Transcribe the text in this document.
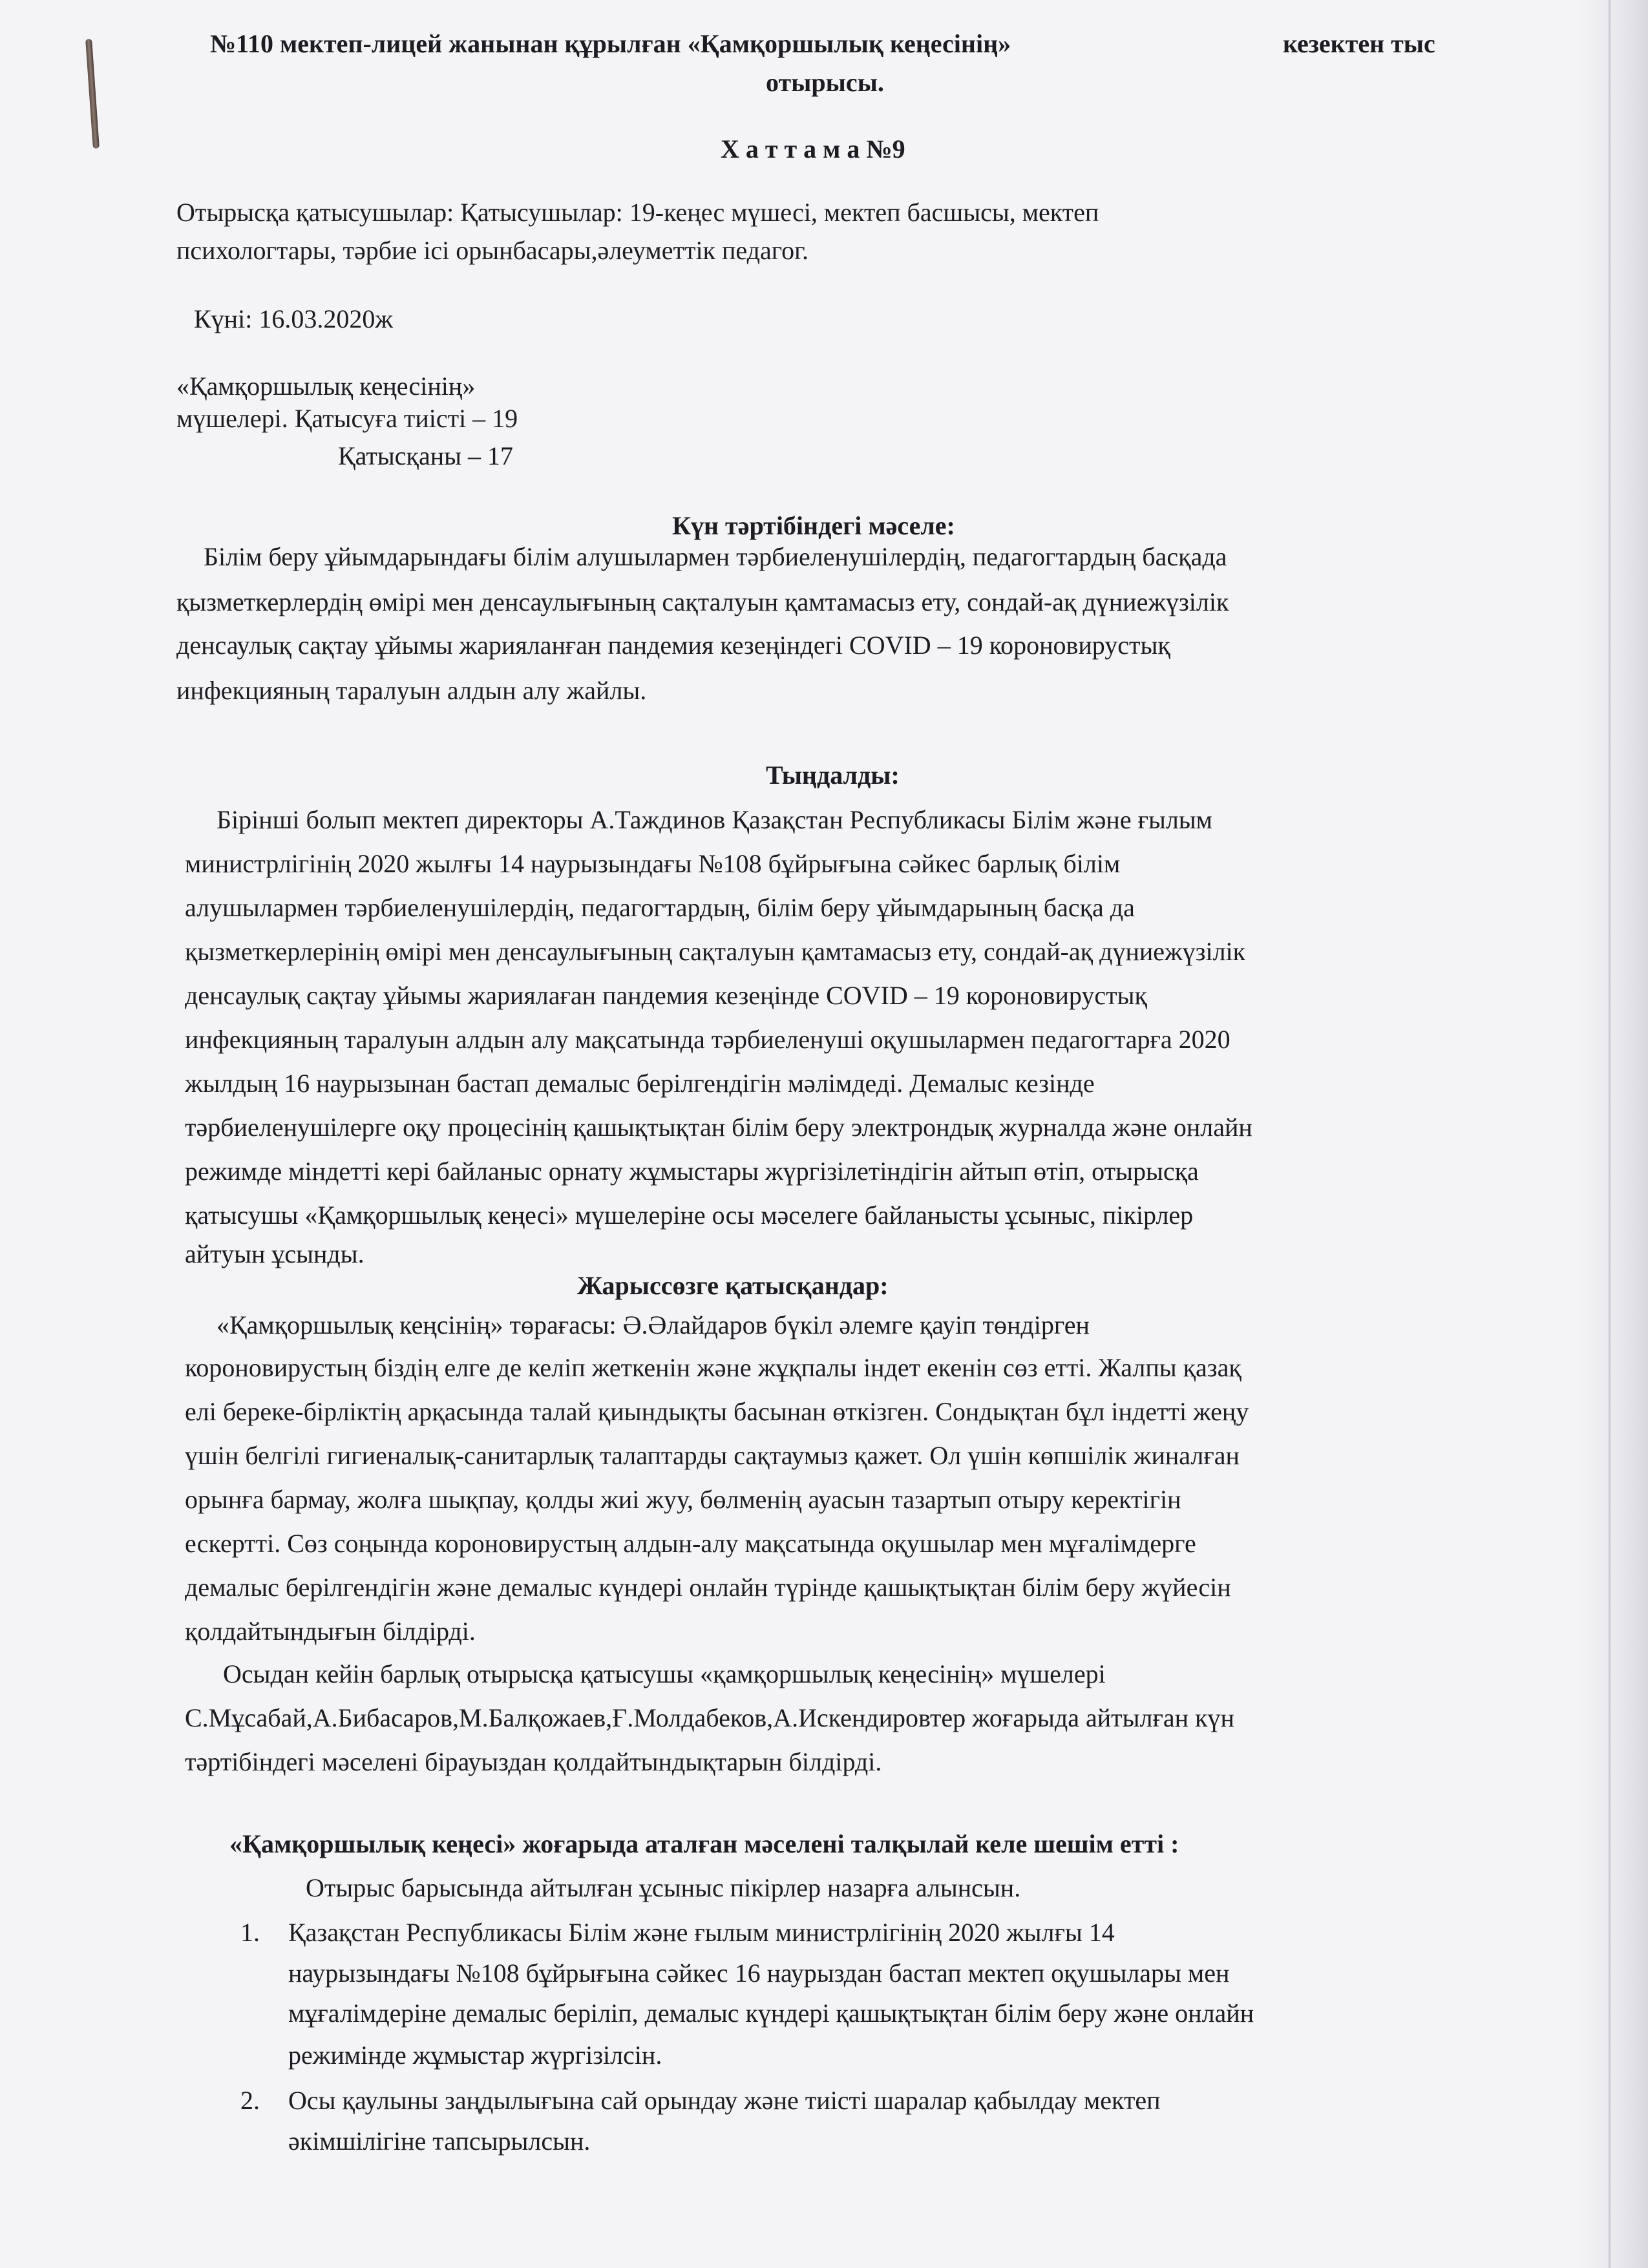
№110 мектеп-лицей жанынан құрылған «Қамқоршылық кеңесінің»	кезектен тыс
отырысы.
Х а т т а м а №9
Отырысқа қатысушылар: Қатысушылар: 19-кеңес мүшесі, мектеп басшысы, мектеп
психологтары, тәрбие ісі орынбасары,әлеуметтік педагог.
Күні: 16.03.2020ж
«Қамқоршылық кеңесінің»
мүшелері. Қатысуға тиісті – 19
Қатысқаны – 17
Күн тәртібіндегі мәселе:
Білім беру ұйымдарындағы білім алушылармен тәрбиеленушілердің, педагогтардың басқада
қызметкерлердің өмірі мен денсаулығының сақталуын қамтамасыз ету, сондай-ақ дүниежүзілік
денсаулық сақтау ұйымы жарияланған пандемия кезеңіндегі COVID – 19 короновирустық
инфекцияның таралуын алдын алу жайлы.
Тыңдалды:
Бірінші болып мектеп директоры А.Таждинов Қазақстан Республикасы Білім және ғылым
министрлігінің 2020 жылғы 14 наурызындағы №108 бұйрығына сәйкес барлық білім
алушылармен тәрбиеленушілердің, педагогтардың, білім беру ұйымдарының басқа да
қызметкерлерінің өмірі мен денсаулығының сақталуын қамтамасыз ету, сондай-ақ дүниежүзілік
денсаулық сақтау ұйымы жариялаған пандемия кезеңінде COVID – 19 короновирустық
инфекцияның таралуын алдын алу мақсатында тәрбиеленуші оқушылармен педагогтарға 2020
жылдың 16 наурызынан бастап демалыс берілгендігін мәлімдеді. Демалыс кезінде
тәрбиеленушілерге оқу процесінің қашықтықтан білім беру электрондық журналда және онлайн
режимде міндетті кері байланыс орнату жұмыстары жүргізілетіндігін айтып өтіп, отырысқа
қатысушы «Қамқоршылық кеңесі» мүшелеріне осы мәселеге байланысты ұсыныс, пікірлер
айтуын ұсынды.
Жарыссөзге қатысқандар:
«Қамқоршылық кеңсінің» төрағасы: Ә.Әлайдаров бүкіл әлемге қауіп төндірген
короновирустың біздің елге де келіп жеткенін және жұқпалы індет екенін сөз етті. Жалпы қазақ
елі береке-бірліктің арқасында талай қиындықты басынан өткізген. Сондықтан бұл індетті жеңу
үшін белгілі гигиеналық-санитарлық талаптарды сақтаумыз қажет. Ол үшін көпшілік жиналған
орынға бармау, жолға шықпау, қолды жиі жуу, бөлменің ауасын тазартып отыру керектігін
ескертті. Сөз соңында короновирустың алдын-алу мақсатында оқушылар мен мұғалімдерге
демалыс берілгендігін және демалыс күндері онлайн түрінде қашықтықтан білім беру жүйесін
қолдайтындығын білдірді.
Осыдан кейін барлық отырысқа қатысушы «қамқоршылық кеңесінің» мүшелері
С.Мұсабай,А.Бибасаров,М.Балқожаев,Ғ.Молдабеков,А.Искендировтер жоғарыда айтылған күн
тәртібіндегі мәселені бірауыздан қолдайтындықтарын білдірді.
«Қамқоршылық кеңесі» жоғарыда аталған мәселені талқылай келе шешім етті :
Отырыс барысында айтылған ұсыныс пікірлер назарға алынсын.
1. Қазақстан Республикасы Білім және ғылым министрлігінің 2020 жылғы 14
наурызындағы №108 бұйрығына сәйкес 16 наурыздан бастап мектеп оқушылары мен
мұғалімдеріне демалыс беріліп, демалыс күндері қашықтықтан білім беру және онлайн
режимінде жұмыстар жүргізілсін.
2. Осы қаулыны заңдылығына сай орындау және тиісті шаралар қабылдау мектеп
әкімшілігіне тапсырылсын.
